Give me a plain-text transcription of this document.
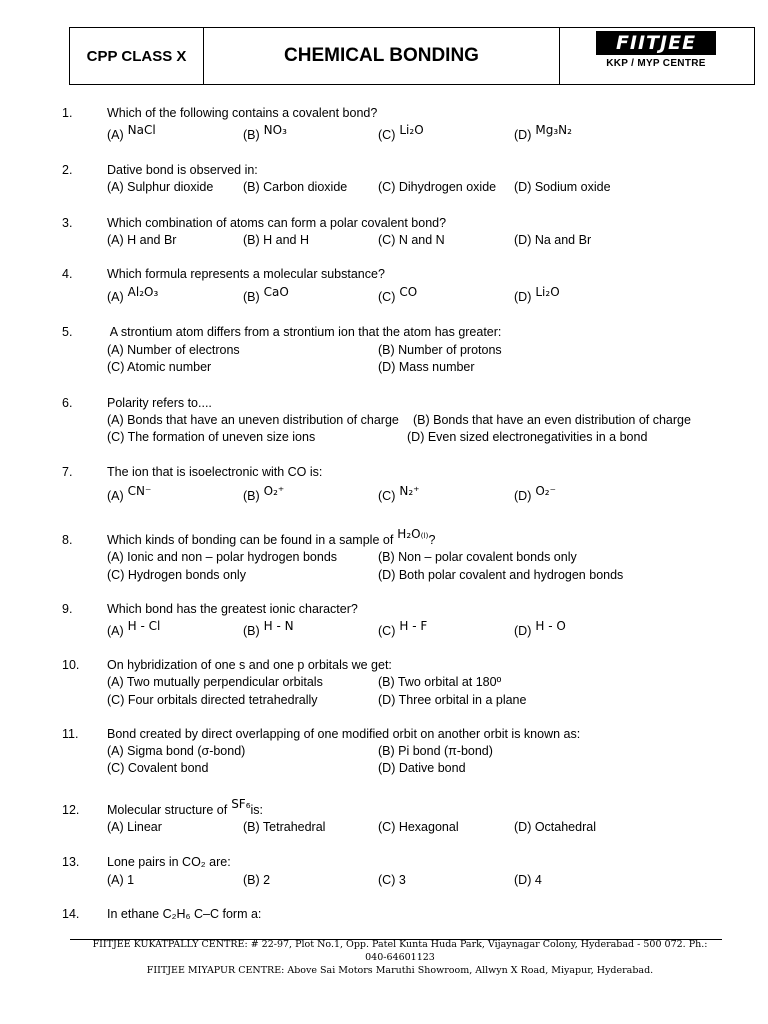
CPP CLASS X	CHEMICAL BONDING
FIITJEE
KKP / MYP CENTRE
1.	Which of the following contains a covalent bond?
(A) NaCl	(B) NO₃	(C) Li₂O	(D) Mg₃N₂
2.	Dative bond is observed in:
(A) Sulphur dioxide (B) Carbon dioxide (C) Dihydrogen oxide (D) Sodium oxide
3.	Which combination of atoms can form a polar covalent bond?
(A) H and Br	(B) H and H	(C) N and N	(D) Na and Br
4.	Which formula represents a molecular substance?
(A) Al₂O₃	(B) CaO	(C) CO	(D) Li₂O
5.	A strontium atom differs from a strontium ion that the atom has greater:
(A) Number of electrons	(B) Number of protons
(C) Atomic number	(D) Mass number
6.	Polarity refers to....
(A) Bonds that have an uneven distribution of charge (B) Bonds that have an even distribution of charge
(C) The formation of uneven size ions	(D) Even sized electronegativities in a bond
7.	The ion that is isoelectronic with CO is:
(A) CN⁻	(B) O₂⁺	(C) N₂⁺	(D) O₂⁻
8.	Which kinds of bonding can be found in a sample of H₂O₍ₗ₎?
(A) Ionic and non – polar hydrogen bonds	(B) Non – polar covalent bonds only
(C) Hydrogen bonds only	(D) Both polar covalent and hydrogen bonds
9.	Which bond has the greatest ionic character?
(A) H - Cl	(B) H - N	(C) H - F	(D) H - O
10. On hybridization of one s and one p orbitals we get:
(A) Two mutually perpendicular orbitals	(B) Two orbital at 180º
(C) Four orbitals directed tetrahedrally	(D) Three orbital in a plane
11. Bond created by direct overlapping of one modified orbit on another orbit is known as:
(A) Sigma bond (σ-bond)	(B) Pi bond (π-bond)
(C) Covalent bond	(D) Dative bond
12. Molecular structure of SF₆is:
(A) Linear	(B) Tetrahedral	(C) Hexagonal	(D) Octahedral
13. Lone pairs in CO₂ are:
(A) 1	(B) 2	(C) 3	(D) 4
14. In ethane C₂H₆ C–C form a:
FIITJEE KUKATPALLY CENTRE: # 22-97, Plot No.1, Opp. Patel Kunta Huda Park, Vijaynagar Colony, Hyderabad - 500 072. Ph.:
040-64601123
FIITJEE MIYAPUR CENTRE: Above Sai Motors Maruthi Showroom, Allwyn X Road, Miyapur, Hyderabad.
